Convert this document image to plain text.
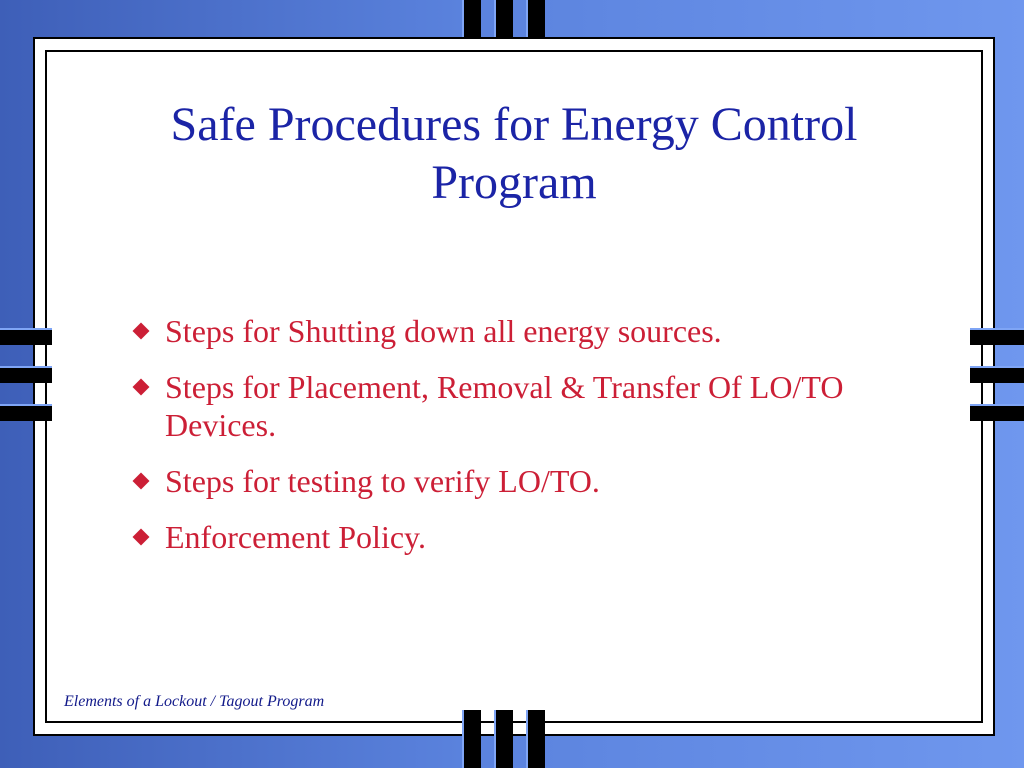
Safe Procedures for Energy Control
Program
Steps for Shutting down all energy sources.
Steps for Placement, Removal & Transfer Of LO/TO Devices.
Steps for testing to verify LO/TO.
Enforcement Policy.
Elements of a Lockout / Tagout Program
